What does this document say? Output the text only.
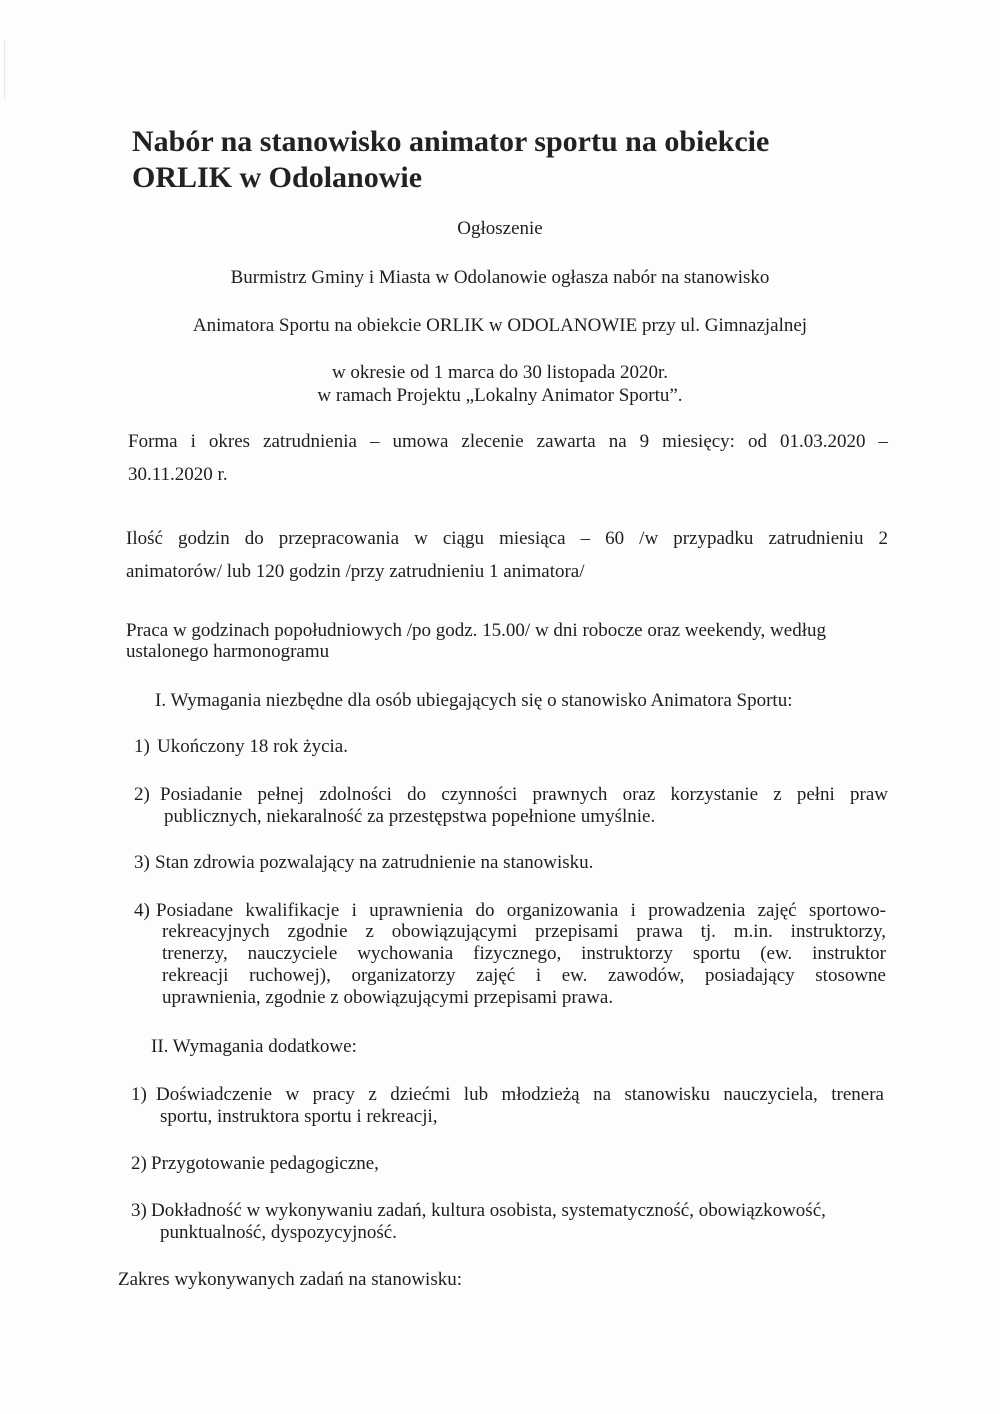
Nabór na stanowisko animator sportu na obiekcie
ORLIK w Odolanowie
Ogłoszenie
Burmistrz Gminy i Miasta w Odolanowie ogłasza nabór na stanowisko
Animatora Sportu na obiekcie ORLIK w ODOLANOWIE przy ul. Gimnazjalnej
w okresie od 1 marca do 30 listopada 2020r.
w ramach Projektu „Lokalny Animator Sportu”.
Forma i okres zatrudnienia – umowa zlecenie zawarta na 9 miesięcy: od 01.03.2020 –
30.11.2020 r.
Ilość godzin do przepracowania w ciągu miesiąca – 60 /w przypadku zatrudnieniu 2
animatorów/ lub 120 godzin /przy zatrudnieniu 1 animatora/
Praca w godzinach popołudniowych /po godz. 15.00/ w dni robocze oraz weekendy, według
ustalonego harmonogramu
I. Wymagania niezbędne dla osób ubiegających się o stanowisko Animatora Sportu:
1) Ukończony 18 rok życia.
2) Posiadanie pełnej zdolności do czynności prawnych oraz korzystanie z pełni praw
publicznych, niekaralność za przestępstwa popełnione umyślnie.
3) Stan zdrowia pozwalający na zatrudnienie na stanowisku.
4) Posiadane kwalifikacje i uprawnienia do organizowania i prowadzenia zajęć sportowo-
rekreacyjnych zgodnie z obowiązującymi przepisami prawa tj. m.in. instruktorzy,
trenerzy, nauczyciele wychowania fizycznego, instruktorzy sportu (ew. instruktor
rekreacji ruchowej), organizatorzy zajęć i ew. zawodów, posiadający stosowne
uprawnienia, zgodnie z obowiązującymi przepisami prawa.
II. Wymagania dodatkowe:
1) Doświadczenie w pracy z dziećmi lub młodzieżą na stanowisku nauczyciela, trenera
sportu, instruktora sportu i rekreacji,
2) Przygotowanie pedagogiczne,
3) Dokładność w wykonywaniu zadań, kultura osobista, systematyczność, obowiązkowość,
punktualność, dyspozycyjność.
Zakres wykonywanych zadań na stanowisku:
